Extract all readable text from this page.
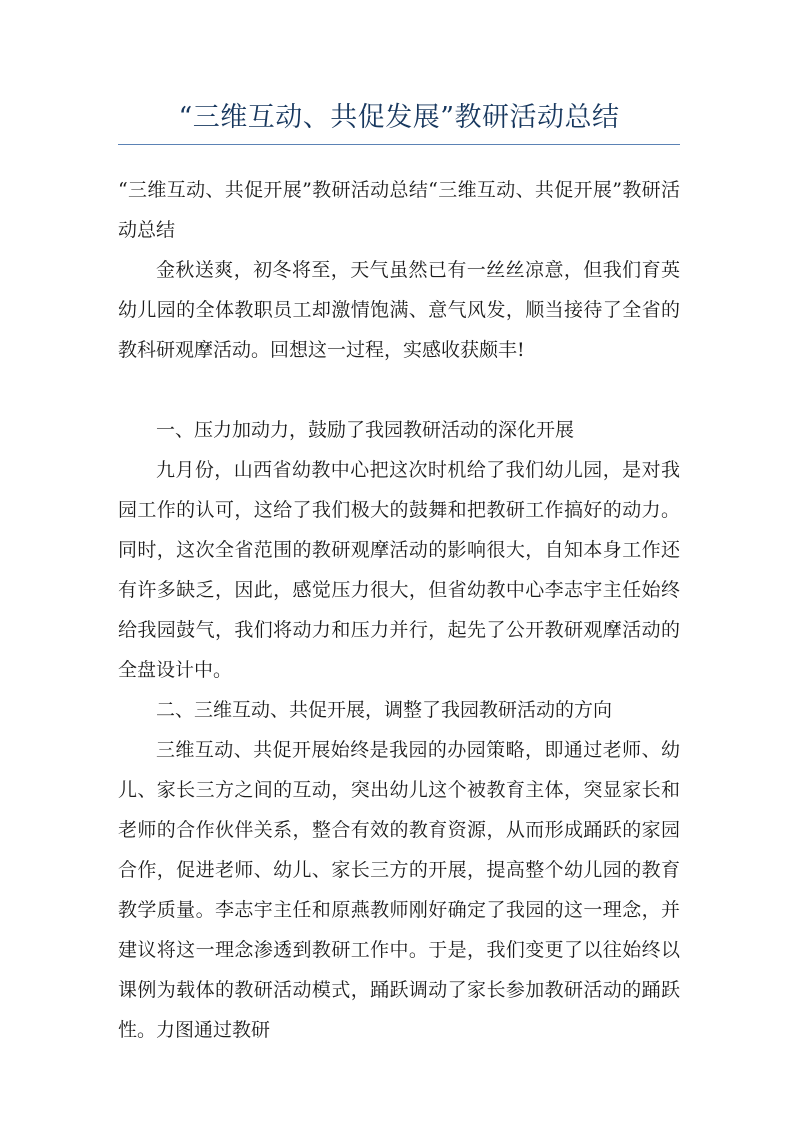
“三维互动、共促发展”教研活动总结

“三维互动、共促开展”教研活动总结“三维互动、共促开展”教研活动总结

金秋送爽，初冬将至，天气虽然已有一丝丝凉意，但我们育英幼儿园的全体教职员工却激情饱满、意气风发，顺当接待了全省的教科研观摩活动。回想这一过程，实感收获颇丰!

一、压力加动力，鼓励了我园教研活动的深化开展

九月份，山西省幼教中心把这次时机给了我们幼儿园，是对我园工作的认可，这给了我们极大的鼓舞和把教研工作搞好的动力。同时，这次全省范围的教研观摩活动的影响很大，自知本身工作还有许多缺乏，因此，感觉压力很大，但省幼教中心李志宇主任始终给我园鼓气，我们将动力和压力并行，起先了公开教研观摩活动的全盘设计中。

二、三维互动、共促开展，调整了我园教研活动的方向

三维互动、共促开展始终是我园的办园策略，即通过老师、幼儿、家长三方之间的互动，突出幼儿这个被教育主体，突显家长和老师的合作伙伴关系，整合有效的教育资源，从而形成踊跃的家园合作，促进老师、幼儿、家长三方的开展，提高整个幼儿园的教育教学质量。李志宇主任和原燕教师刚好确定了我园的这一理念，并建议将这一理念渗透到教研工作中。于是，我们变更了以往始终以课例为载体的教研活动模式，踊跃调动了家长参加教研活动的踊跃性。力图通过教研
